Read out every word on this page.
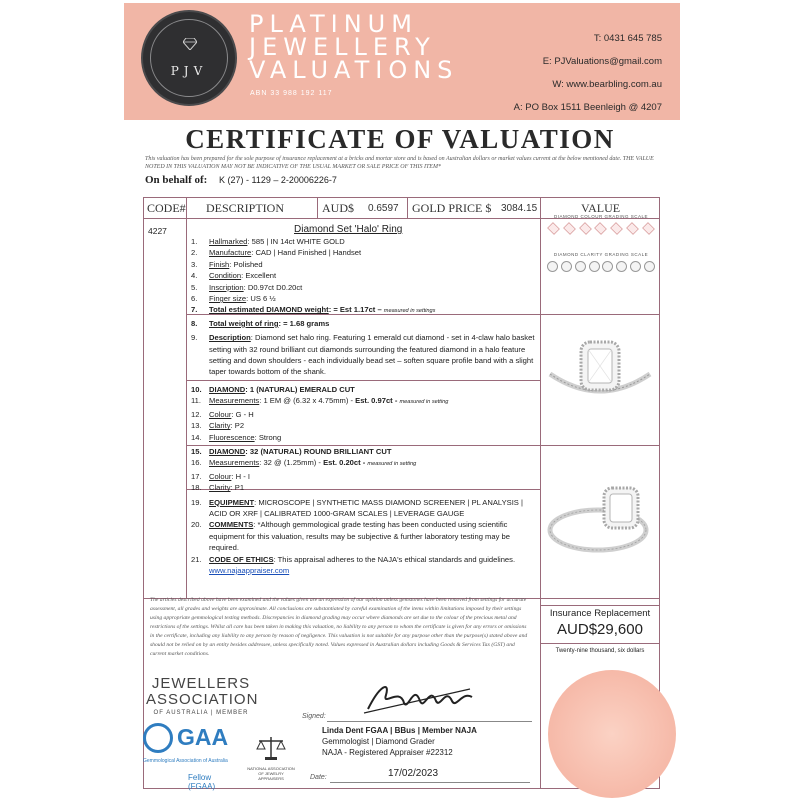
PJV
PLATINUM
JEWELLERY
VALUATIONS
ABN 33 988 192 117
T: 0431 645 785
E: PJValuations@gmail.com
W: www.bearbling.com.au
A: PO Box 1511 Beenleigh @ 4207
CERTIFICATE OF VALUATION
This valuation has been prepared for the sole purpose of insurance replacement at a bricks and mortar store and is based on Australian dollars or market values current at the below mentioned date. THE VALUE NOTED IN THIS VALUATION MAY NOT BE INDICATIVE OF THE USUAL MARKET OR SALE PRICE OF THIS ITEM*
On behalf of: K (27) - 1129 – 2-20006226-7
CODE# DESCRIPTION	AUD$ 0.6597 GOLD PRICE $ 3084.15	VALUE
4227	Diamond Set 'Halo' Ring
1. Hallmarked: 585 | IN 14ct WHITE GOLD
2. Manufacture: CAD | Hand Finished | Handset
3. Finish: Polished
4. Condition: Excellent
5. Inscription: D0.97ct D0.20ct
6. Finger size: US 6 ½
7. Total estimated DIAMOND weight: = Est 1.17ct – measured in settings
8. Total weight of ring: = 1.68 grams
9. Description: Diamond set halo ring. Featuring 1 emerald cut diamond - set in 4-claw halo basket setting with 32 round brilliant cut diamonds surrounding the featured diamond in a halo feature setting and down shoulders - each individually bead set – soften square profile band with a slight taper towards bottom of the shank.
10. DIAMOND: 1 (NATURAL) EMERALD CUT
11. Measurements: 1 EM @ (6.32 x 4.75mm) - Est. 0.97ct - measured in setting
12. Colour: G - H
13. Clarity: P2
14. Fluorescence: Strong
15. DIAMOND: 32 (NATURAL) ROUND BRILLIANT CUT
16. Measurements: 32 @ (1.25mm) - Est. 0.20ct - measured in setting
17. Colour: H - I
18. Clarity: P1
19. EQUIPMENT: MICROSCOPE | SYNTHETIC MASS DIAMOND SCREENER | PL ANALYSIS | ACID OR XRF | CALIBRATED 1000-GRAM SCALES | LEVERAGE GAUGE
20. COMMENTS: *Although gemmological grade testing has been conducted using scientific equipment for this valuation, results may be subjective & further laboratory testing may be required.
21. CODE OF ETHICS: This appraisal adheres to the NAJA's ethical standards and guidelines.
www.najaappraiser.com
DIAMOND COLOUR GRADING SCALE
DIAMOND CLARITY GRADING SCALE
The articles described above have been examined and the values given are an expression of our opinion unless gemstones have been removed from settings for accurate assessment, all grades and weights are approximate. All conclusions are substantiated by careful examination of the items within limitations imposed by their settings using appropriate gemmological testing methods. Discrepancies in diamond grading may occur where diamonds are set due to the colour of the precious metal and restrictions of the settings. Whilst all care has been taken in making this valuation, no liability to any person to whom the certificate is given for any errors or omissions in the certificate, including any liability to any person by reason of negligence. This valuation is not suitable for any purpose other than the purpose(s) stated above and should not be relied on by an entity besides addressee, unless specifically noted. Values expressed in Australian dollars including Goods & Services Tax (GST) and current market conditions.
Insurance Replacement
AUD$29,600
Twenty-nine thousand, six dollars
JEWELLERS
ASSOCIATION
OF AUSTRALIA | MEMBER
GAA
Gemmological Association of Australia
Fellow (FGAA)
NATIONAL ASSOCIATION OF JEWELRY APPRAISERS
Signed:
Linda Dent FGAA | BBus | Member NAJA
Gemmologist | Diamond Grader
NAJA - Registered Appraiser #22312
Date:	17/02/2023
